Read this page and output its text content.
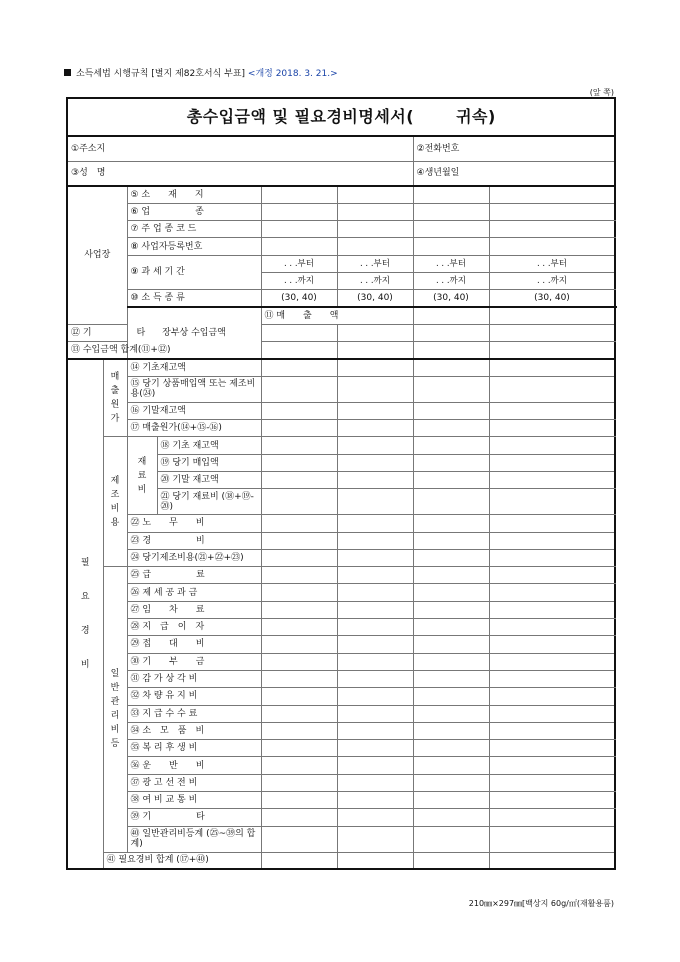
소득세법 시행규칙 [별지 제82호서식 부표] <개정 2018. 3. 21.>
(앞 쪽)
총수입금액 및 필요경비명세서( 귀속)								
①주소지						②전화번호		
③성　명						④생년월일		
사업장		⑤ 소　　재　　지						
		⑥ 업　　　　　종						
		⑦ 주 업 종 코 드						
		⑧ 사업자등록번호						
		⑨ 과 세 기 간		. . .부터	. . .부터	. . .부터	. . .부터	
				. . .까지	. . .까지	. . .까지	. . .까지	
		⑩ 소 득 종 류		(30, 40)	(30, 40)	(30, 40)	(30, 40)	
		장부상 수입금액		⑪ 매　　출　　액				
⑫ 기　　　　　타								
⑬ 수입금액 합계(⑪+⑫)								
필　요　경　비	매출원가	⑭ 기초재고액						
		⑮ 당기 상품매입액 또는 제조비용(㉔)						
		⑯ 기말재고액						
		⑰ 매출원가(⑭+⑮-⑯)						
	제조비용	재료비	⑱ 기초 재고액					
			⑲ 당기 매입액					
			⑳ 기말 재고액					
			㉑ 당기 재료비 (⑱+⑲-⑳)					
		㉒ 노　　무　　비						
		㉓ 경　　　　　비						
		㉔ 당기제조비용(㉑+㉒+㉓)						
	일반관리비등	㉕ 급　　　　　료						
		㉖ 제 세 공 과 금						
		㉗ 임　　차　　료						
		㉘ 지　급　이　자						
		㉙ 접　　대　　비						
		㉚ 기　　부　　금						
		㉛ 감 가 상 각 비						
		㉜ 차 량 유 지 비						
		㉝ 지 급 수 수 료						
		㉞ 소　모　품　비						
		㉟ 복 리 후 생 비						
		㊱ 운　　반　　비						
		㊲ 광 고 선 전 비						
		㊳ 여 비 교 통 비						
		㊴ 기　　　　　타						
		㊵ 일반관리비등계 (㉕~㊴의 합계)						
	㊶ 필요경비 합계 (⑰+㊵)							
210㎜×297㎜[백상지 60g/㎡(재활용품)
